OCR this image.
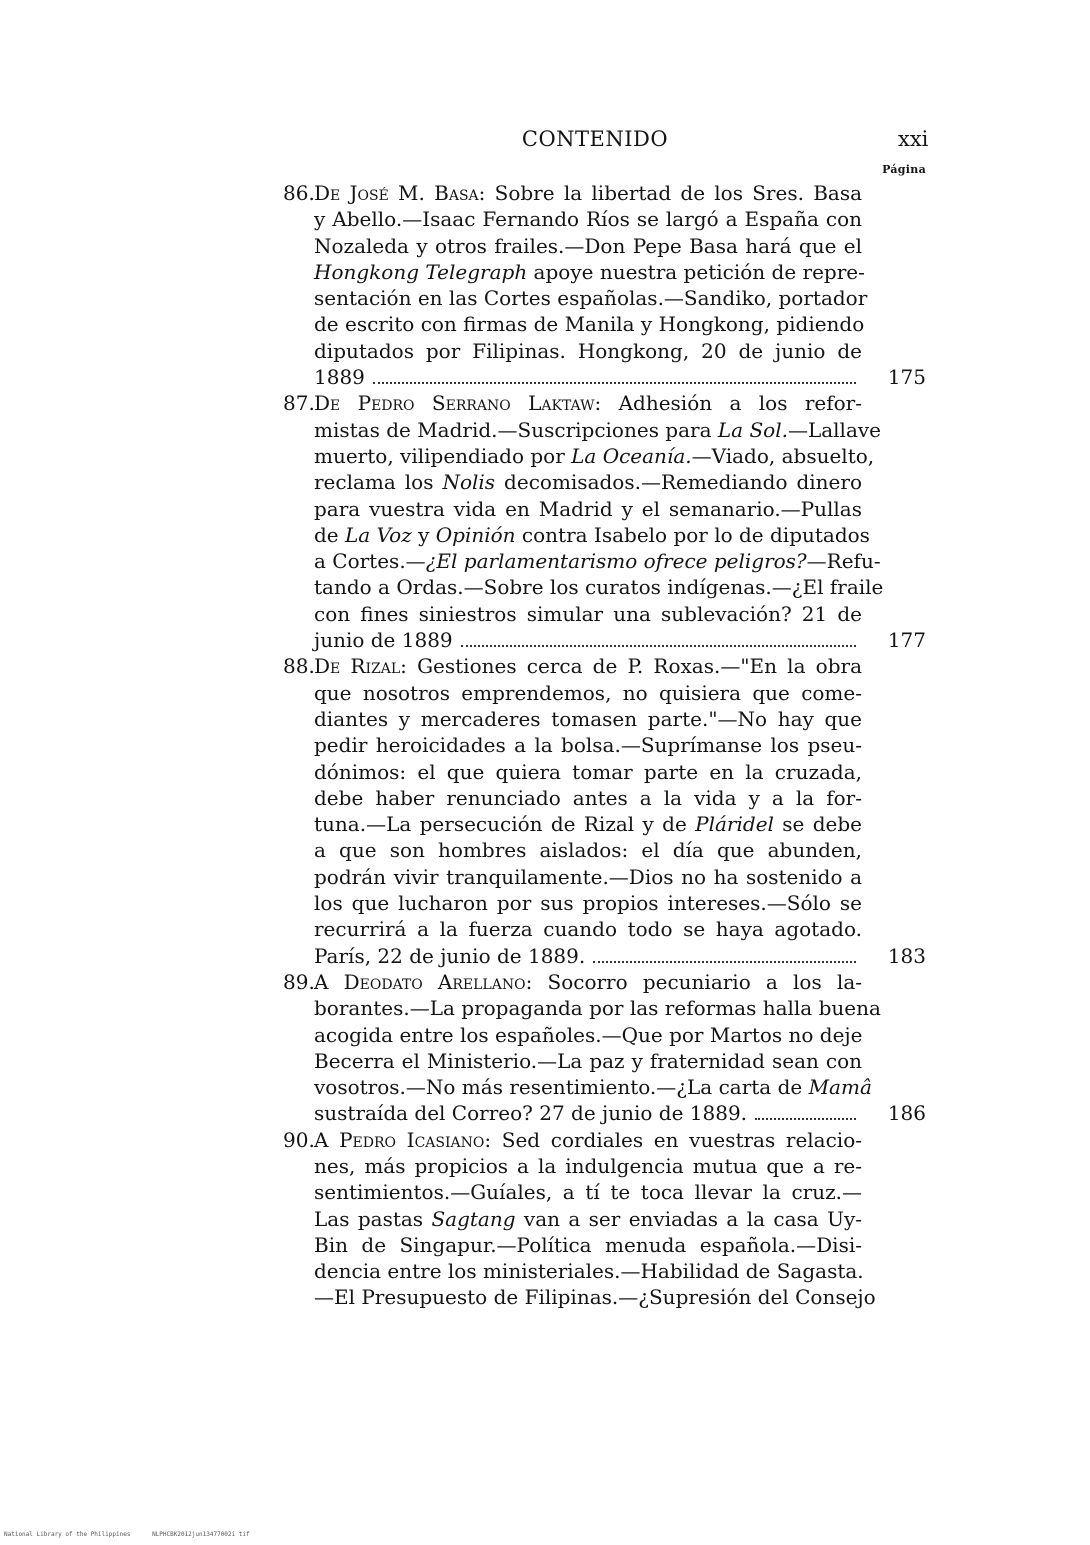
CONTENIDO	xxi
Página
86. De José M. Basa: Sobre la libertad de los Sres. Basa
y Abello.—Isaac Fernando Ríos se largó a España con
Nozaleda y otros frailes.—Don Pepe Basa hará que el
Hongkong Telegraph apoye nuestra petición de repre-
sentación en las Cortes españolas.—Sandiko, portador
de escrito con firmas de Manila y Hongkong, pidiendo
diputados por Filipinas. Hongkong, 20 de junio de
1889	175
87. De Pedro Serrano Laktaw: Adhesión a los refor-
mistas de Madrid.—Suscripciones para La Sol.—Lallave
muerto, vilipendiado por La Oceanía.—Viado, absuelto,
reclama los Nolis decomisados.—Remediando dinero
para vuestra vida en Madrid y el semanario.—Pullas
de La Voz y Opinión contra Isabelo por lo de diputados
a Cortes.—¿El parlamentarismo ofrece peligros?—Refu-
tando a Ordas.—Sobre los curatos indígenas.—¿El fraile
con fines siniestros simular una sublevación? 21 de
junio de 1889	177
88. De Rizal: Gestiones cerca de P. Roxas.—"En la obra
que nosotros emprendemos, no quisiera que come-
diantes y mercaderes tomasen parte."—No hay que
pedir heroicidades a la bolsa.—Suprímanse los pseu-
dónimos: el que quiera tomar parte en la cruzada,
debe haber renunciado antes a la vida y a la for-
tuna.—La persecución de Rizal y de Pláridel se debe
a que son hombres aislados: el día que abunden,
podrán vivir tranquilamente.—Dios no ha sostenido a
los que lucharon por sus propios intereses.—Sólo se
recurrirá a la fuerza cuando todo se haya agotado.
París, 22 de junio de 1889.	183
89. A Deodato Arellano: Socorro pecuniario a los la-
borantes.—La propaganda por las reformas halla buena
acogida entre los españoles.—Que por Martos no deje
Becerra el Ministerio.—La paz y fraternidad sean con
vosotros.—No más resentimiento.—¿La carta de Mamâ
sustraída del Correo? 27 de junio de 1889.	186
90. A Pedro Icasiano: Sed cordiales en vuestras relacio-
nes, más propicios a la indulgencia mutua que a re-
sentimientos.—Guíales, a tí te toca llevar la cruz.—
Las pastas Sagtang van a ser enviadas a la casa Uy-
Bin de Singapur.—Política menuda española.—Disi-
dencia entre los ministeriales.—Habilidad de Sagasta.
—El Presupuesto de Filipinas.—¿Supresión del Consejo
National Library of the Philippines	NLPHCBK2012jun13477002i tif
